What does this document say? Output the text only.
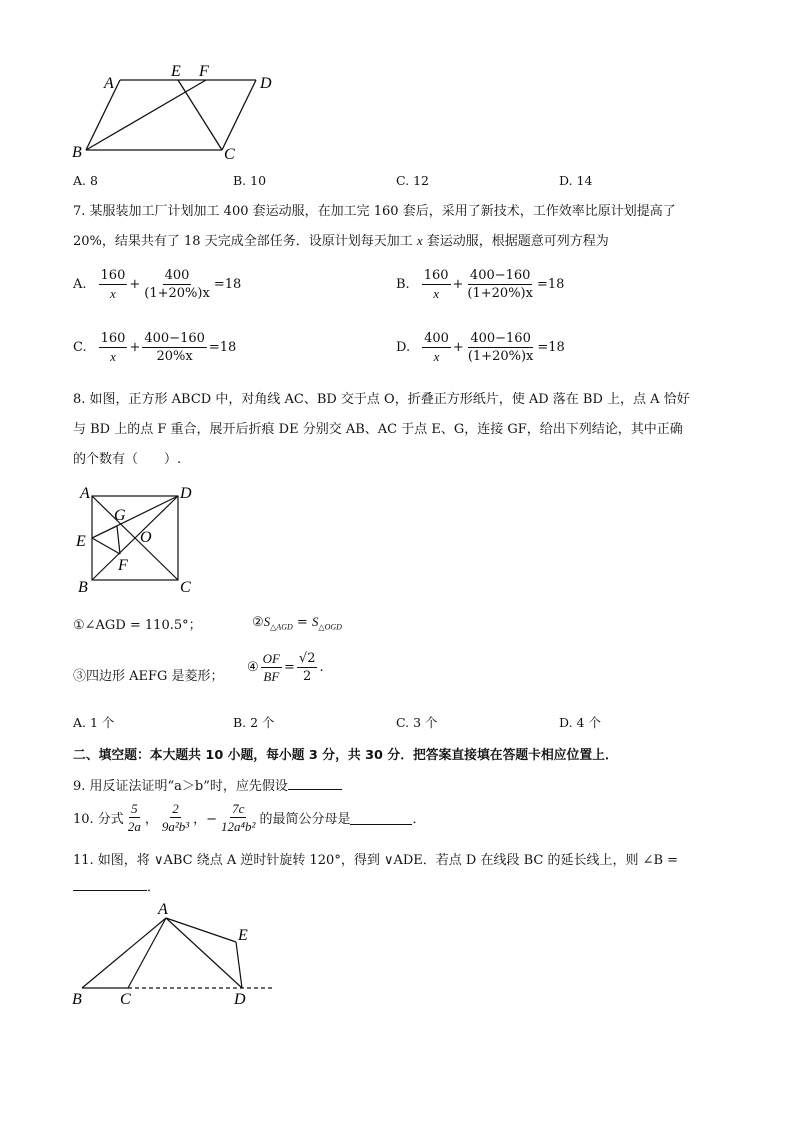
A
E F
D
B	C
A. 8	B. 10	C. 12	D. 14
7. 某服装加工厂计划加工 400 套运动服，在加工完 160 套后，采用了新技术，工作效率比原计划提高了
20%，结果共有了 18 天完成全部任务．设原计划每天加工 x 套运动服，根据题意可列方程为
A. $\frac{160}{x} + \frac{400}{(1+20\%)x} =18$	B. $\frac{160}{x} + \frac{400-160}{(1+20\%)x} =18$
C. $\frac{160}{x} + \frac{400-160}{20\%x} =18$	D. $\frac{400}{x} + \frac{400-160}{(1+20\%)x} =18$
8. 如图，正方形 ABCD 中，对角线 AC、BD 交于点 O，折叠正方形纸片，使 AD 落在 BD 上，点 A 恰好
与 BD 上的点 F 重合，展开后折痕 DE 分别交 AB、AC 于点 E、G，连接 GF，给出下列结论，其中正确
的个数有（　　）.
A	D
G
E	O
F
B	C
①∠AGD = 110.5°；	$②S_{\triangle AGD} = S_{\triangle OGD}$
③四边形 AEFG 是菱形；
④ $\frac{OF}{BF} = \frac{√2}{2}$ .
A. 1 个	B. 2 个	C. 3 个	D. 4 个
二、填空题：本大题共 10 小题，每小题 3 分，共 30 分．把答案直接填在答题卡相应位置上．
9. 用反证法证明“a＞b”时，应先假设
10. 分式 $\frac{5}{2a}$ ， $\frac{2}{\text{9a²b³}}$ ，− $\frac{7c}{\text{12a⁴b²}}$ 的最简公分母是	．
11. 如图，将 ∨ABC 绕点 A 逆时针旋转 120°，得到 ∨ADE．若点 D 在线段 BC 的延长线上，则 ∠B =
．
A
E
B C	D
